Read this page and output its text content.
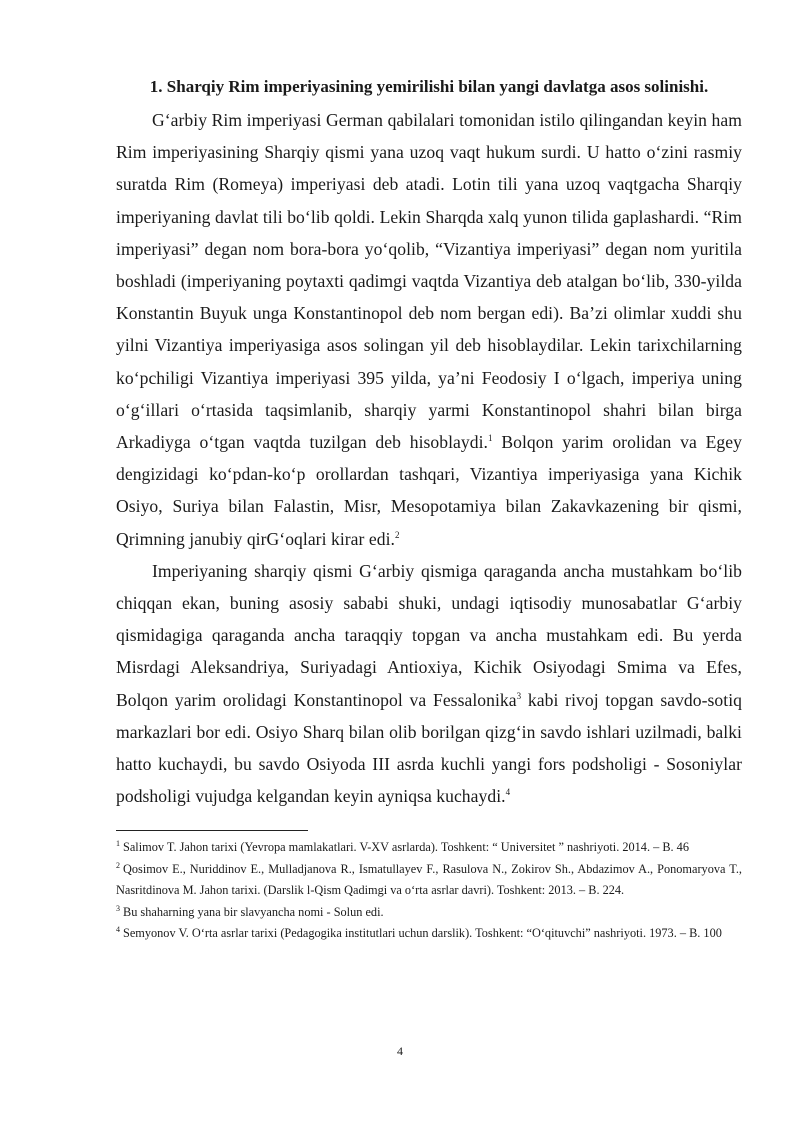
1. Sharqiy Rim imperiyasining yemirilishi bilan yangi davlatga asos solinishi.

G‘arbiy Rim imperiyasi German qabilalari tomonidan istilo qilingandan keyin ham Rim imperiyasining Sharqiy qismi yana uzoq vaqt hukum surdi. U hatto o‘zini rasmiy suratda Rim (Romeya) imperiyasi deb atadi. Lotin tili yana uzoq vaqtgacha Sharqiy imperiyaning davlat tili bo‘lib qoldi. Lekin Sharqda xalq yunon tilida gaplashardi. “Rim imperiyasi” degan nom bora-bora yo‘qolib, “Vizantiya imperiyasi” degan nom yuritila boshladi (imperiyaning poytaxti qadimgi vaqtda Vizantiya deb atalgan bo‘lib, 330-yilda Konstantin Buyuk unga Konstantinopol deb nom bergan edi). Ba’zi olimlar xuddi shu yilni Vizantiya imperiyasiga asos solingan yil deb hisoblaydilar. Lekin tarixchilarning ko‘pchiligi Vizantiya imperiyasi 395 yilda, ya’ni Feodosiy I o‘lgach, imperiya uning o‘g‘illari o‘rtasida taqsimlanib, sharqiy yarmi Konstantinopol shahri bilan birga Arkadiyga o‘tgan vaqtda tuzilgan deb hisoblaydi.$^1$ Bolqon yarim orolidan va Egey dengizidagi ko‘pdan-ko‘p orollardan tashqari, Vizantiya imperiyasiga yana Kichik Osiyo, Suriya bilan Falastin, Misr, Mesopotamiya bilan Zakavkazening bir qismi, Qrimning janubiy qirG‘oqlari kirar edi.$^2$

Imperiyaning sharqiy qismi G‘arbiy qismiga qaraganda ancha mustahkam bo‘lib chiqqan ekan, buning asosiy sababi shuki, undagi iqtisodiy munosabatlar G‘arbiy qismidagiga qaraganda ancha taraqqiy topgan va ancha mustahkam edi. Bu yerda Misrdagi Aleksandriya, Suriyadagi Antioxiya, Kichik Osiyodagi Smima va Efes, Bolqon yarim orolidagi Konstantinopol va Fessalonika$^3$ kabi rivoj topgan savdo-sotiq markazlari bor edi. Osiyo Sharq bilan olib borilgan qizg‘in savdo ishlari uzilmadi, balki hatto kuchaydi, bu savdo Osiyoda III asrda kuchli yangi fors podsholigi - Sosoniylar podsholigi vujudga kelgandan keyin ayniqsa kuchaydi.$^4$

$^1$ Salimov T. Jahon tarixi (Yevropa mamlakatlari. V-XV asrlarda). Toshkent: “ Universitet ” nashriyoti. 2014. – B. 46

$^2$ Qosimov E., Nuriddinov E., Mulladjanova R., Ismatullayev F., Rasulova N., Zokirov Sh., Abdazimov A., Ponomaryova T., Nasritdinova M. Jahon tarixi. (Darslik l-Qism Qadimgi va o‘rta asrlar davri). Toshkent: 2013. – B. 224.

$^3$ Bu shaharning yana bir slavyancha nomi - Solun edi.

$^4$ Semyonov V. O‘rta asrlar tarixi (Pedagogika institutlari uchun darslik). Toshkent: “O‘qituvchi” nashriyoti. 1973. – B. 100

4
